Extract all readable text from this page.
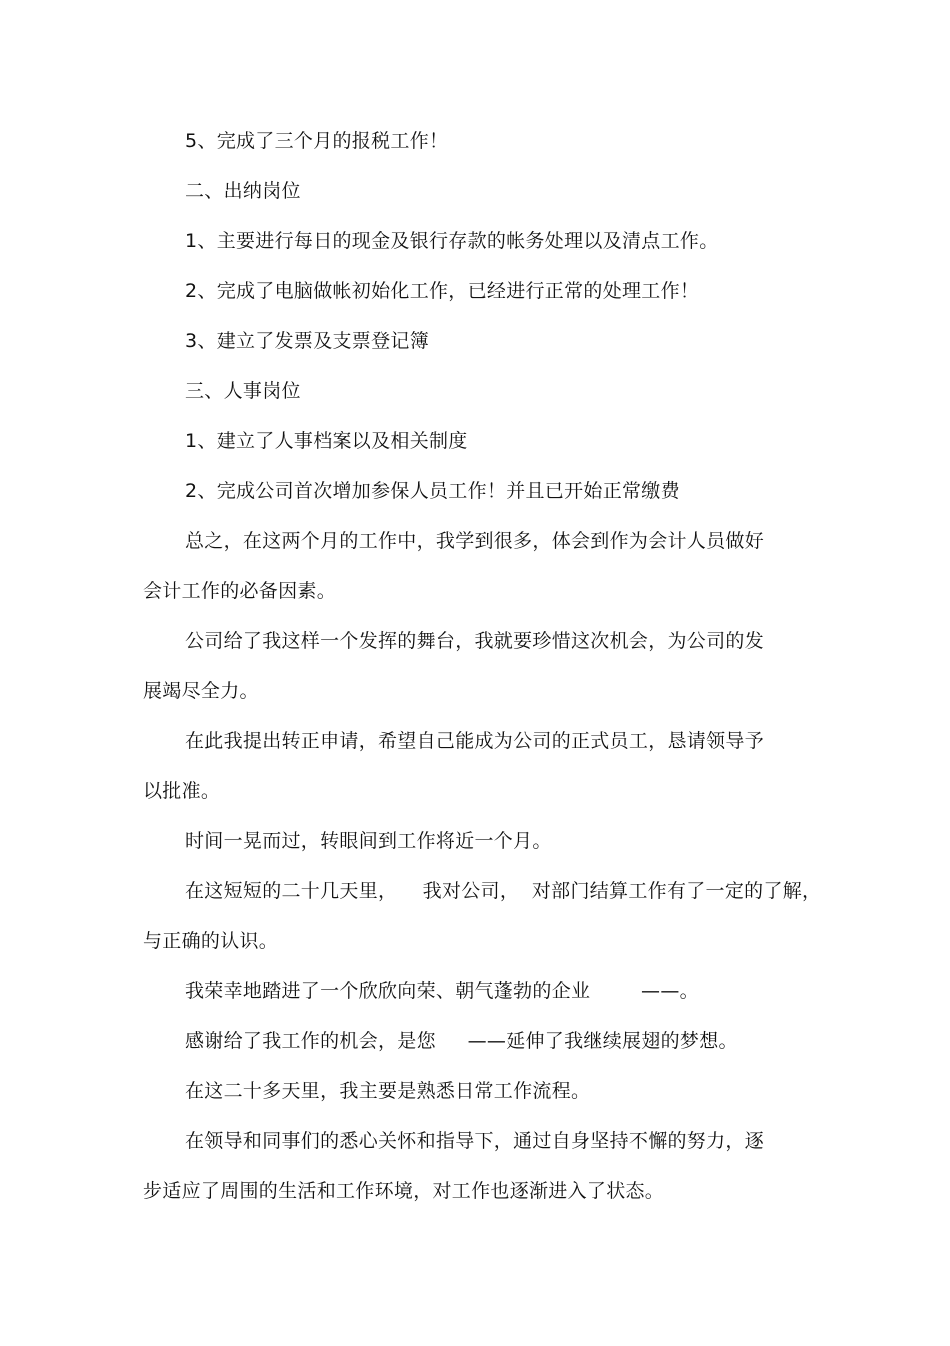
5、完成了三个月的报税工作！
二、出纳岗位
1、主要进行每日的现金及银行存款的帐务处理以及清点工作。
2、完成了电脑做帐初始化工作，已经进行正常的处理工作！
3、建立了发票及支票登记簿
三、人事岗位
1、建立了人事档案以及相关制度
2、完成公司首次增加参保人员工作！并且已开始正常缴费
总之，在这两个月的工作中，我学到很多，体会到作为会计人员做好
会计工作的必备因素。
公司给了我这样一个发挥的舞台，我就要珍惜这次机会，为公司的发
展竭尽全力。
在此我提出转正申请，希望自己能成为公司的正式员工，恳请领导予
以批准。
时间一晃而过，转眼间到工作将近一个月。
在这短短的二十几天里，    我对公司，  对部门结算工作有了一定的了解，
与正确的认识。
我荣幸地踏进了一个欣欣向荣、朝气蓬勃的企业        ——。
感谢给了我工作的机会，是您     ——延伸了我继续展翅的梦想。
在这二十多天里，我主要是熟悉日常工作流程。
在领导和同事们的悉心关怀和指导下，通过自身坚持不懈的努力，逐
步适应了周围的生活和工作环境，对工作也逐渐进入了状态。
